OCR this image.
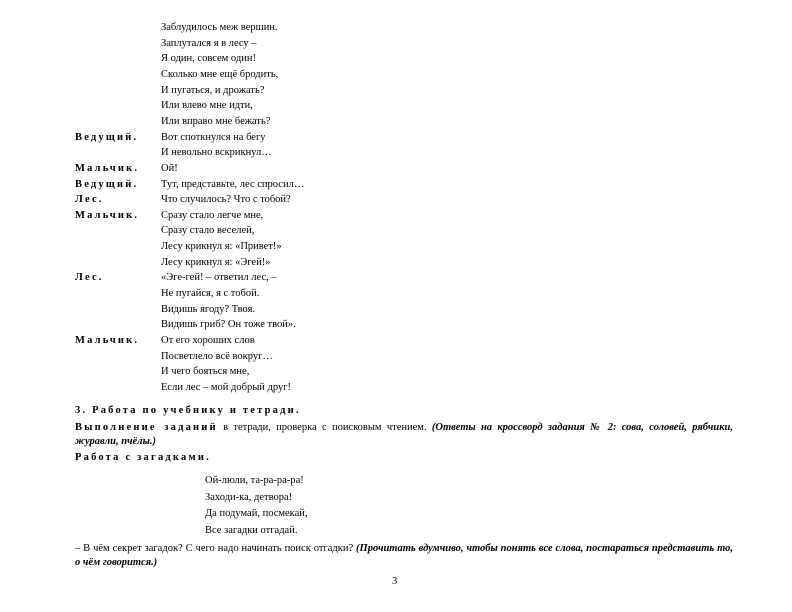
Заблудилось меж вершин.
Заплутался я в лесу –
Я один, совсем один!
Сколько мне ещё бродить,
И пугаться, и дрожать?
Или влево мне идти,
Или вправо мне бежать?
Ведущий. Вот споткнулся на бегу
И невольно вскрикнул…
Мальчик. Ой!
Ведущий. Тут, представьте, лес спросил…
Лес.	Что случилось? Что с тобой?
Мальчик. Сразу стало легче мне,
Сразу стало веселей,
Лесу крикнул я: «Привет!»
Лесу крикнул я: «Эгей!»
Лес.	«Эге-гей! – ответил лес, –
Не пугайся, я с тобой.
Видишь ягоду? Твоя.
Видишь гриб? Он тоже твой».
Мальчик. От его хороших слов
Посветлело всё вокруг…
И чего бояться мне,
Если лес – мой добрый друг!
3. Работа по учебнику и тетради.
Выполнение заданий в тетради, проверка с поисковым чтением. (Ответы на кроссворд задания № 2: сова, соловей, рябчики, журавли, пчёлы.)
Работа с загадками.
Ой-люли, та-ра-ра-ра!
Заходи-ка, детвора!
Да подумай, посмекай,
Все загадки отгадай.
– В чём секрет загадок? С чего надо начинать поиск отгадки? (Прочитать вдумчиво, чтобы понять все слова, постараться представить то, о чём говорится.)
3
